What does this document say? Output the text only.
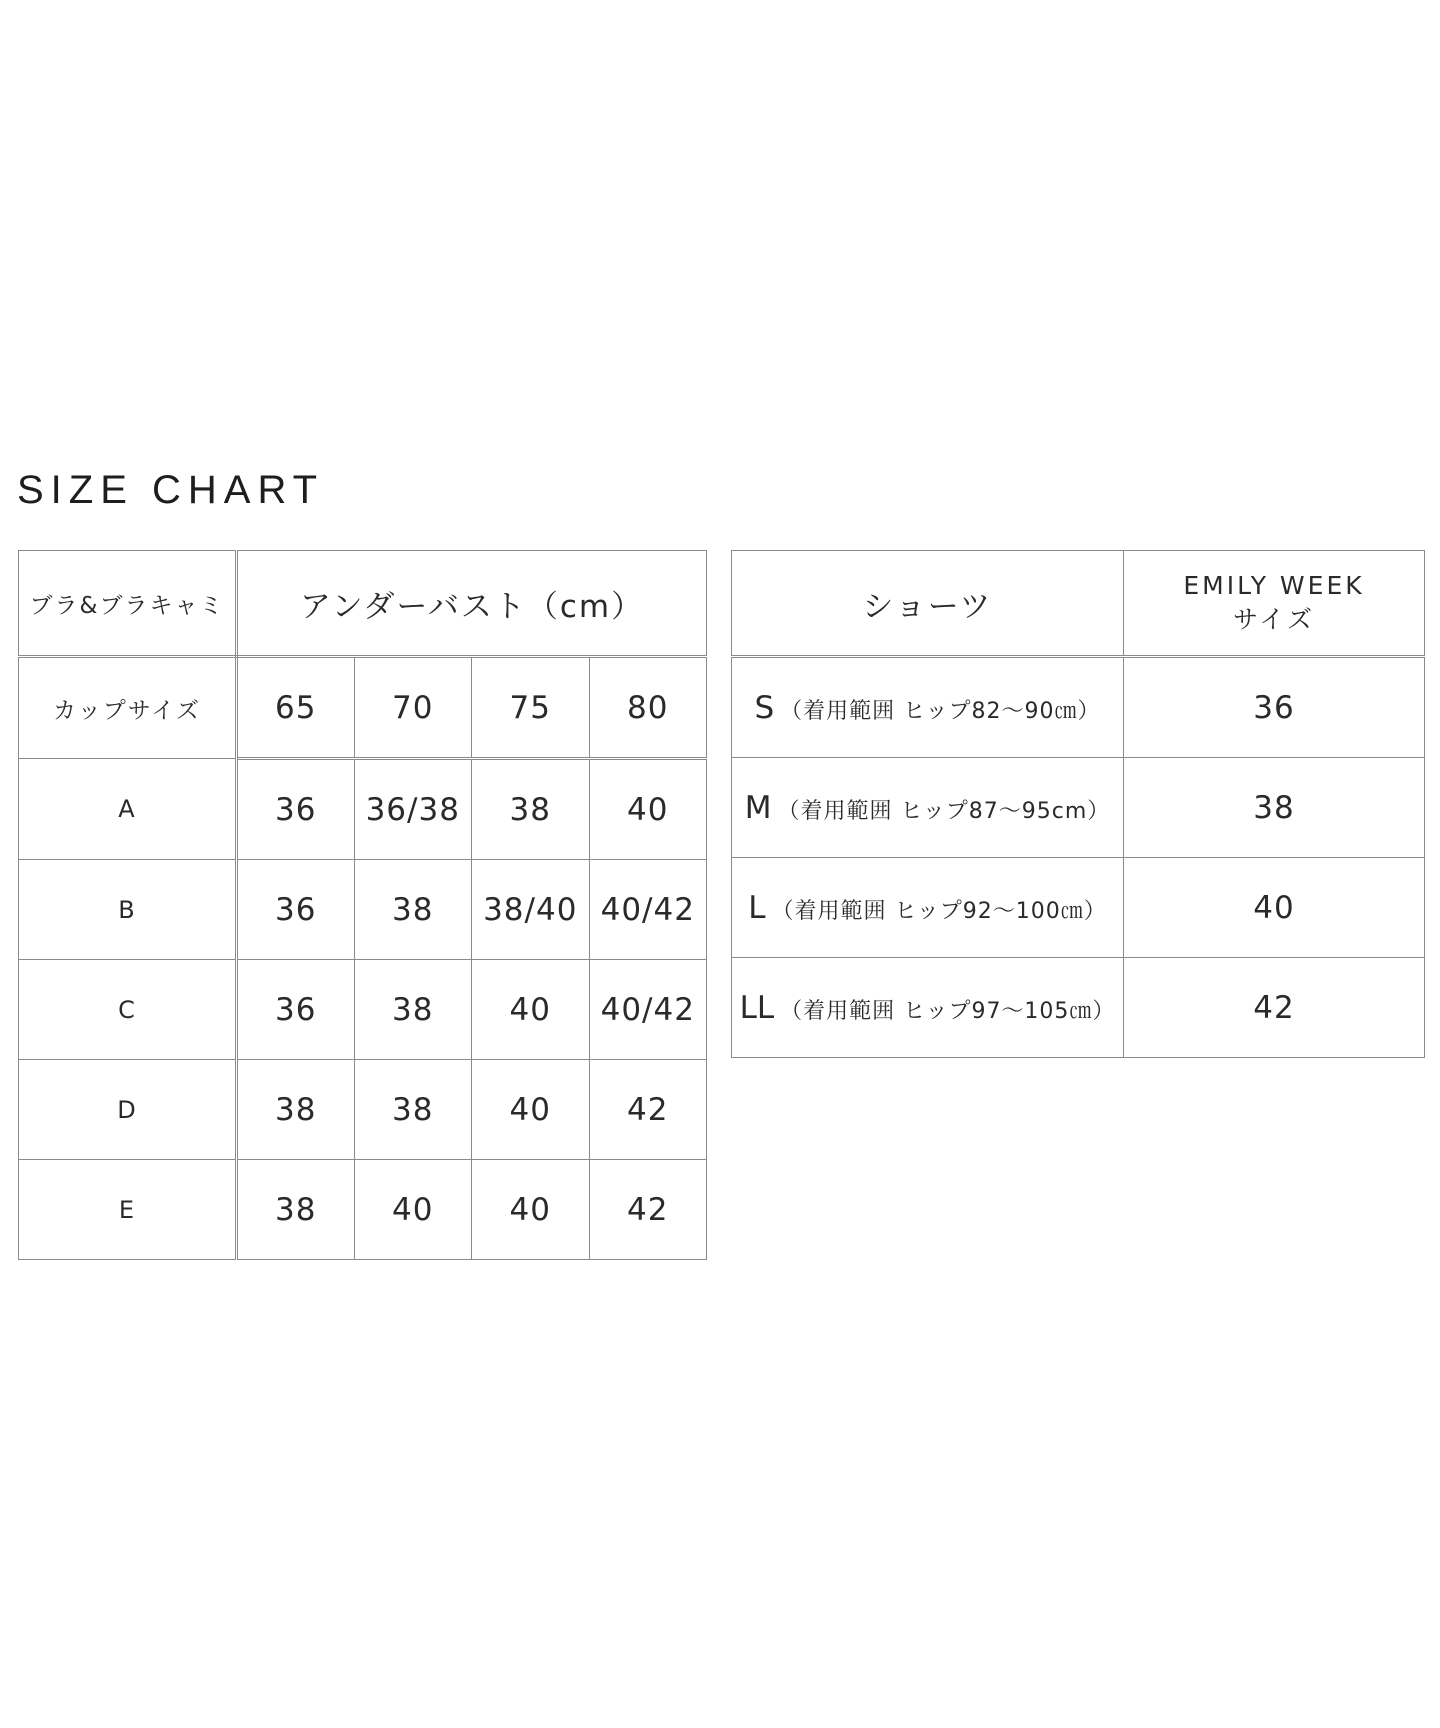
SIZE CHART
ブラ&ブラキャミ	アンダーバスト（cm）			
カップサイズ	65	70	75	80
A	36	36/38	38	40
B	36	38	38/40	40/42
C	36	38	40	40/42
D	38	38	40	42
E	38	40	40	42
ショーツ	EMILY WEEK
サイズ

S （着用範囲 ヒップ82〜90㎝）	36
M （着用範囲 ヒップ87〜95cm）	38
L （着用範囲 ヒップ92〜100㎝）	40
LL （着用範囲 ヒップ97〜105㎝）	42
